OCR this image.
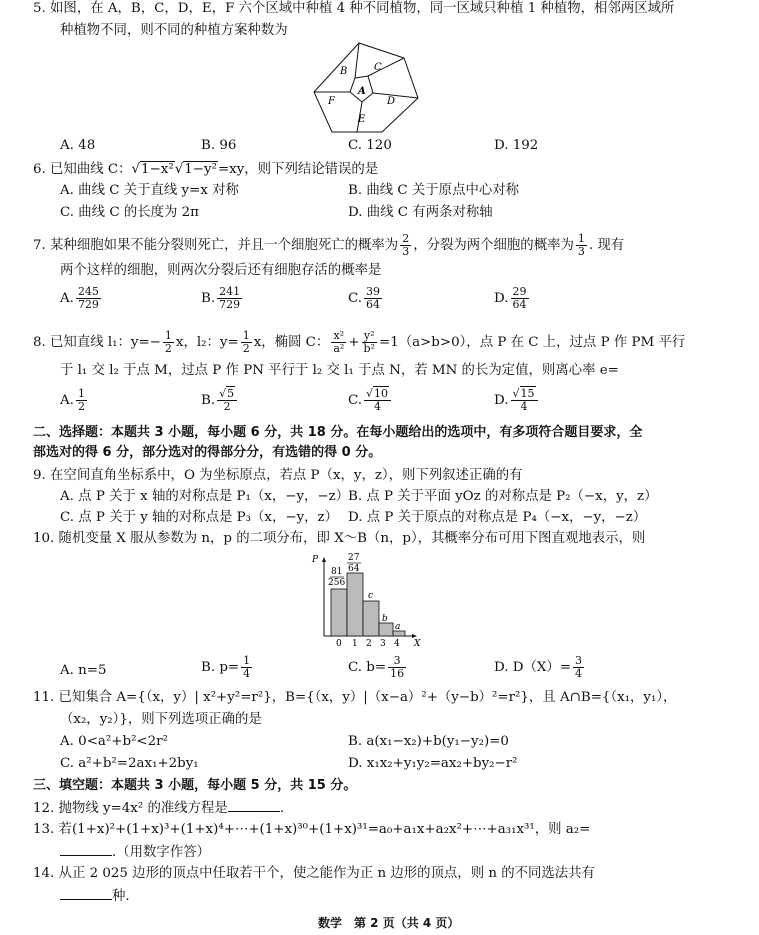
5. 如图，在 A，B，C，D，E，F 六个区域中种植 4 种不同植物，同一区域只种植 1 种植物，相邻两区域所
种植物不同，则不同的种植方案种数为
A
B	C
D
E
F
A. 48	B. 96	C. 120	D. 192
6. 已知曲线 C：√1−x²√1−y²=xy，则下列结论错误的是
A. 曲线 C 关于直线 y=x 对称	B. 曲线 C 关于原点中心对称
C. 曲线 C 的长度为 2π	D. 曲线 C 有两条对称轴
7. 某种细胞如果不能分裂则死亡，并且一个细胞死亡的概率为 $\frac{2}{3}$ ，分裂为两个细胞的概率为 $\frac{1}{3}$ . 现有
两个这样的细胞，则两次分裂后还有细胞存活的概率是
A. $\frac{245}{729}$	B. $\frac{241}{729}$	C. $\frac{39}{64}$	D. $\frac{29}{64}$
8. 已知直线 l₁：$y=- \frac{1}{2}$ x，l₂：$y= \frac{1}{2}$ x，椭圆 C： $\frac{\text{x²}}{\text{a²}} + \frac{\text{y²}}{\text{b²}} =1(a>b>0)$，点 P 在 C 上，过点 P 作 PM 平行
于 l₁ 交 l₂ 于点 M，过点 P 作 PN 平行于 l₂ 交 l₁ 于点 N，若 MN 的长为定值，则离心率 e=
A. $\frac{1}{2}$	B. $\frac{√5}{2}$	C. $\frac{√10}{4}$	D. $\frac{√15}{4}$
二、选择题：本题共 3 小题，每小题 6 分，共 18 分。在每小题给出的选项中，有多项符合题目要求，全
部选对的得 6 分，部分选对的得部分分，有选错的得 0 分。
9. 在空间直角坐标系中，O 为坐标原点，若点 P（x，y，z），则下列叙述正确的有
A. 点 P 关于 x 轴的对称点是 P₁（x，−y，−z）
B. 点 P 关于平面 yOz 的对称点是 P₂（−x，y，z）
C. 点 P 关于 y 轴的对称点是 P₃（x，−y，z） D. 点 P 关于原点的对称点是 P₄（−x，−y，−z）
10. 随机变量 X 服从参数为 n，p 的二项分布，即 X～B（n，p），其概率分布可用下图直观地表示，则
P
X
81
256
27
64
c
b
a
0 1 2 3 4
A. n=5	B. $p= \frac{1}{4}$	C. $b= \frac{3}{16}$	D. $D(X)= \frac{3}{4}$
11. 已知集合 A={（x，y）| x²+y²=r²}，B={（x，y）|（x−a）²+（y−b）²=r²}，且 A∩B={（x₁，y₁），
（x₂，y₂）}，则下列选项正确的是
A. 0<a²+b²<2r²	B. a(x₁−x₂)+b(y₁−y₂)=0
C. a²+b²=2ax₁+2by₁	D. x₁x₂+y₁y₂=ax₂+by₂−r²
三、填空题：本题共 3 小题，每小题 5 分，共 15 分。
12. 抛物线 y=4x² 的准线方程是	.
13. 若(1+x)²+(1+x)³+(1+x)⁴+⋯+(1+x)³⁰+(1+x)³¹=a₀+a₁x+a₂x²+⋯+a₃₁x³¹，则 a₂=
.（用数字作答）
14. 从正 2 025 边形的顶点中任取若干个，使之能作为正 n 边形的顶点，则 n 的不同选法共有
种.
数学　第 2 页（共 4 页）
